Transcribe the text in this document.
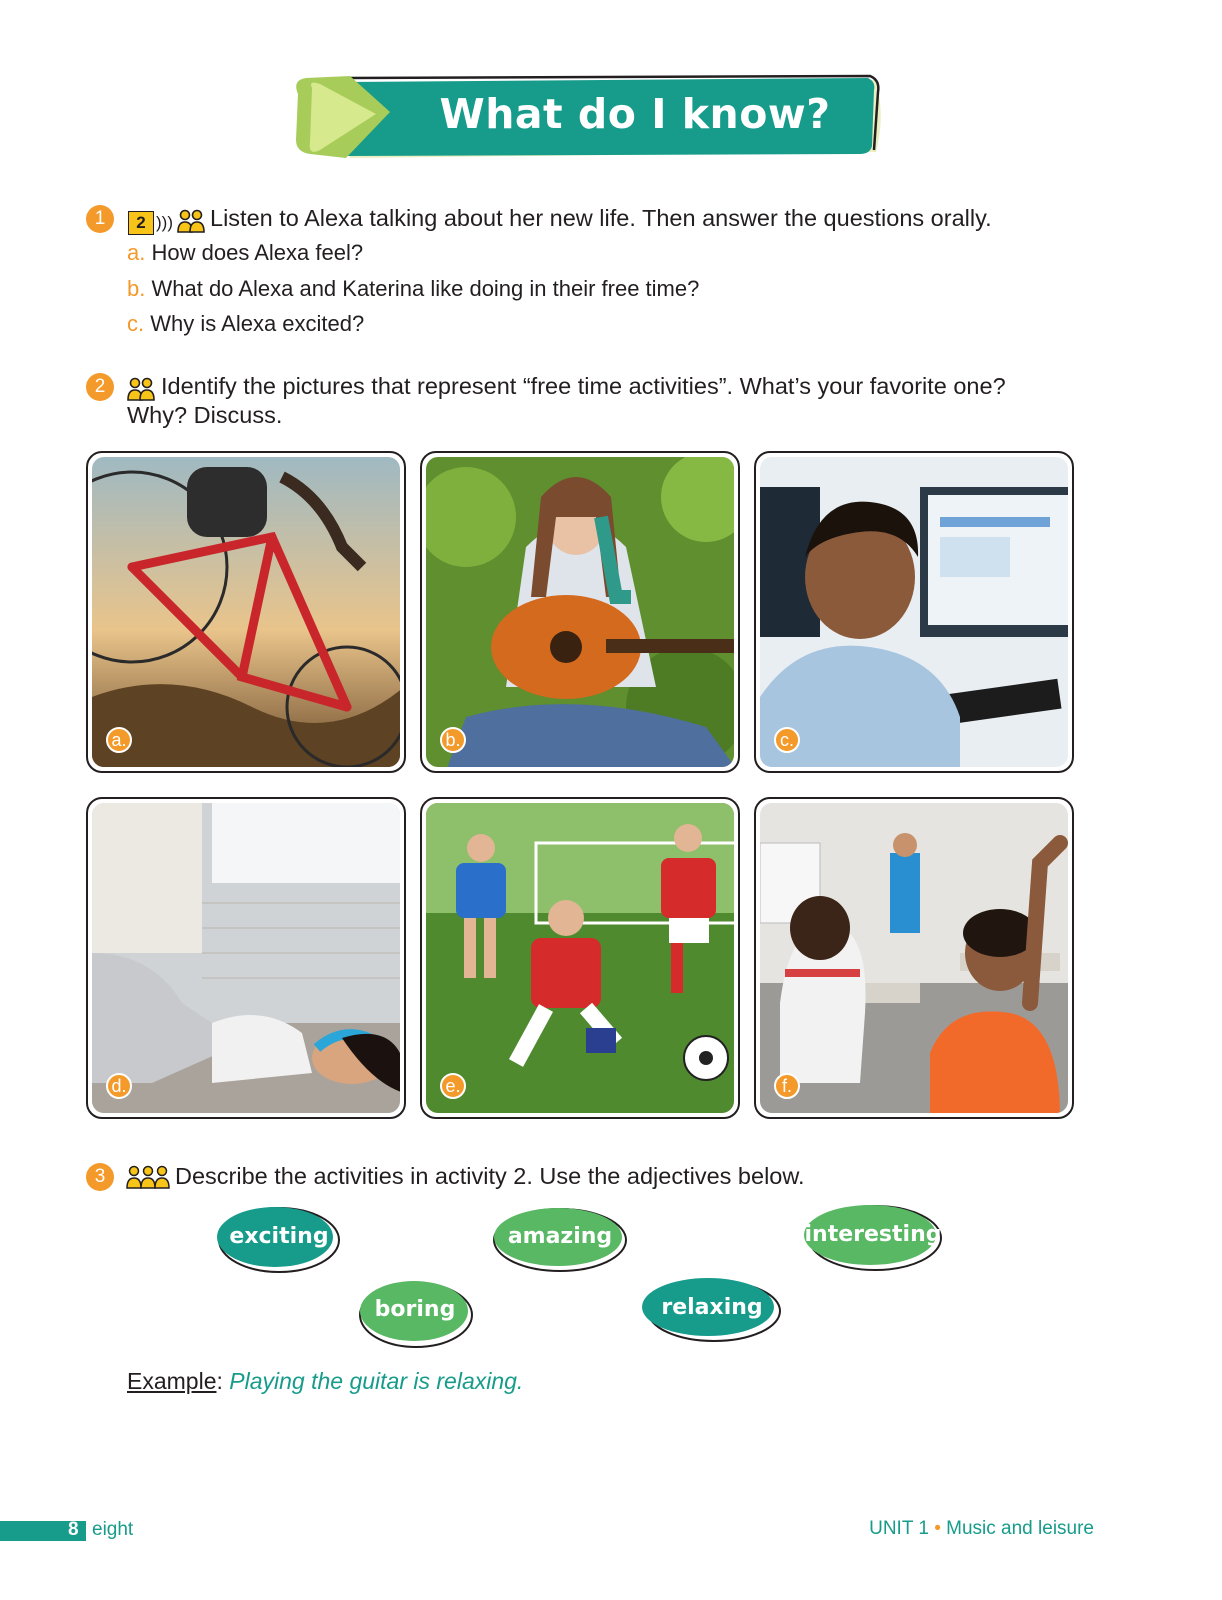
What do I know?
1	2 ))) Listen to Alexa talking about her new life. Then answer the questions orally.
a. How does Alexa feel?
b. What do Alexa and Katerina like doing in their free time?
c. Why is Alexa excited?
2	Identify the pictures that represent “free time activities”. What’s your favorite one?
Why? Discuss.
a.	b.	c.
d.	e.	f.
3	Describe the activities in activity 2. Use the adjectives below.
exciting	amazing	interesting
boring	relaxing
Example: Playing the guitar is relaxing.
8 eight	UNIT 1 • Music and leisure
